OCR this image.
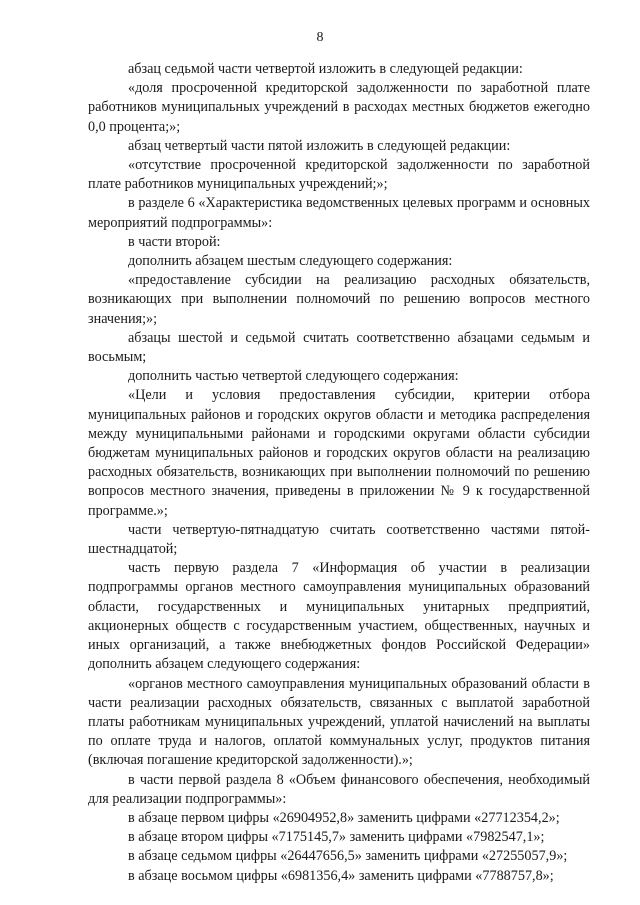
8

абзац седьмой части четвертой изложить в следующей редакции:

«доля просроченной кредиторской задолженности по заработной плате работников муниципальных учреждений в расходах местных бюджетов ежегодно 0,0 процента;»;

абзац четвертый части пятой изложить в следующей редакции:

«отсутствие просроченной кредиторской задолженности по заработной плате работников муниципальных учреждений;»;

в разделе 6 «Характеристика ведомственных целевых программ и основных мероприятий подпрограммы»:

в части второй:

дополнить абзацем шестым следующего содержания:

«предоставление субсидии на реализацию расходных обязательств, возникающих при выполнении полномочий по решению вопросов местного значения;»;

абзацы шестой и седьмой считать соответственно абзацами седьмым и восьмым;

дополнить частью четвертой следующего содержания:

«Цели и условия предоставления субсидии, критерии отбора муниципальных районов и городских округов области и методика распределения между муниципальными районами и городскими округами области субсидии бюджетам муниципальных районов и городских округов области на реализацию расходных обязательств, возникающих при выполнении полномочий по решению вопросов местного значения, приведены в приложении № 9 к государственной программе.»;

части четвертую-пятнадцатую считать соответственно частями пятой-шестнадцатой;

часть первую раздела 7 «Информация об участии в реализации подпрограммы органов местного самоуправления муниципальных образований области, государственных и муниципальных унитарных предприятий, акционерных обществ с государственным участием, общественных, научных и иных организаций, а также внебюджетных фондов Российской Федерации» дополнить абзацем следующего содержания:

«органов местного самоуправления муниципальных образований области в части реализации расходных обязательств, связанных с выплатой заработной платы работникам муниципальных учреждений, уплатой начислений на выплаты по оплате труда и налогов, оплатой коммунальных услуг, продуктов питания (включая погашение кредиторской задолженности).»;

в части первой раздела 8 «Объем финансового обеспечения, необходимый для реализации подпрограммы»:

в абзаце первом цифры «26904952,8» заменить цифрами «27712354,2»;

в абзаце втором цифры «7175145,7» заменить цифрами «7982547,1»;

в абзаце седьмом цифры «26447656,5» заменить цифрами «27255057,9»;

в абзаце восьмом цифры «6981356,4» заменить цифрами «7788757,8»;
